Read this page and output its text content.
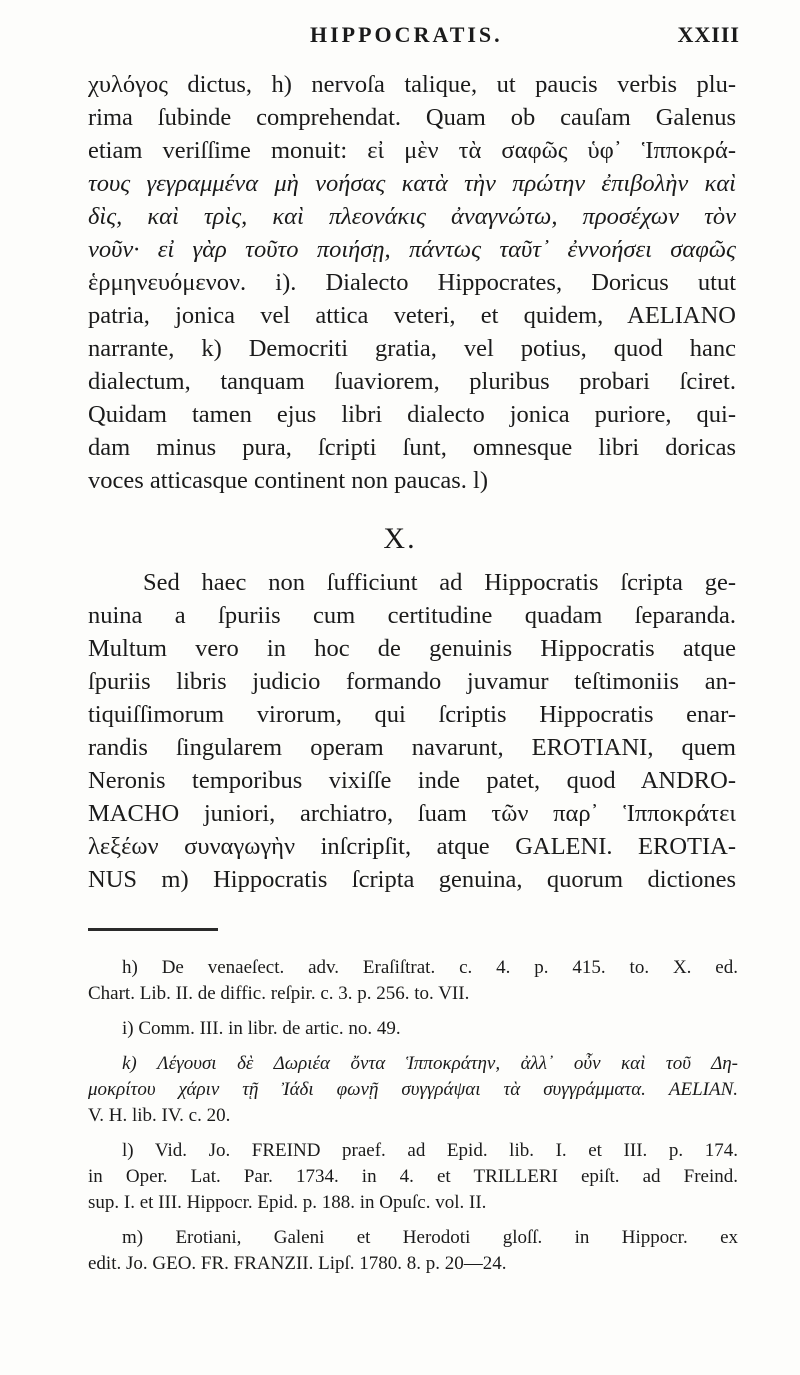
HIPPOCRATIS.	XXIII
χυλόγος dictus, h) nervoſa talique, ut paucis verbis plu-
rima ſubinde comprehendat. Quam ob cauſam Galenus
etiam veriſſime monuit: εἰ μὲν τὰ σαφῶς ὑφ᾽ Ἱπποκρά-
τους γεγραμμένα μὴ νοήσας κατὰ τὴν πρώτην ἐπιβολὴν καὶ
δὶς, καὶ τρὶς, καὶ πλεονάκις ἀναγνώτω, προσέχων τὸν
νοῦν· εἰ γὰρ τοῦτο ποιήσῃ, πάντως ταῦτ᾽ ἐννοήσει σαφῶς
ἑρμηνευόμενον. i). Dialecto Hippocrates, Doricus utut
patria, jonica vel attica veteri, et quidem, AELIANO
narrante, k) Democriti gratia, vel potius, quod hanc
dialectum, tanquam ſuaviorem, pluribus probari ſciret.
Quidam tamen ejus libri dialecto jonica puriore, qui-
dam minus pura, ſcripti ſunt, omnesque libri doricas
voces atticasque continent non paucas. l)
X.
Sed haec non ſufficiunt ad Hippocratis ſcripta ge-
nuina a ſpuriis cum certitudine quadam ſeparanda.
Multum vero in hoc de genuinis Hippocratis atque
ſpuriis libris judicio formando juvamur teſtimoniis an-
tiquiſſimorum virorum, qui ſcriptis Hippocratis enar-
randis ſingularem operam navarunt, EROTIANI, quem
Neronis temporibus vixiſſe inde patet, quod ANDRO-
MACHO juniori, archiatro, ſuam τῶν παρ᾽ Ἱπποκράτει
λεξέων συναγωγὴν inſcripſit, atque GALENI. EROTIA-
NUS m) Hippocratis ſcripta genuina, quorum dictiones
h) De venaeſect. adv. Eraſiſtrat. c. 4. p. 415. to. X. ed.
Chart. Lib. II. de diffic. reſpir. c. 3. p. 256. to. VII.
i) Comm. III. in libr. de artic. no. 49.
k) Λέγουσι δὲ Δωριέα ὄντα Ἱπποκράτην, ἀλλ᾽ οὖν καὶ τοῦ Δη-
μοκρίτου χάριν τῇ Ἰάδι φωνῇ συγγράψαι τὰ συγγράμματα. AELIAN.
V. H. lib. IV. c. 20.
l) Vid. Jo. FREIND praef. ad Epid. lib. I. et III. p. 174.
in Oper. Lat. Par. 1734. in 4. et TRILLERI epiſt. ad Freind.
sup. I. et III. Hippocr. Epid. p. 188. in Opuſc. vol. II.
m) Erotiani, Galeni et Herodoti gloſſ. in Hippocr. ex
edit. Jo. GEO. FR. FRANZII. Lipſ. 1780. 8. p. 20—24.
